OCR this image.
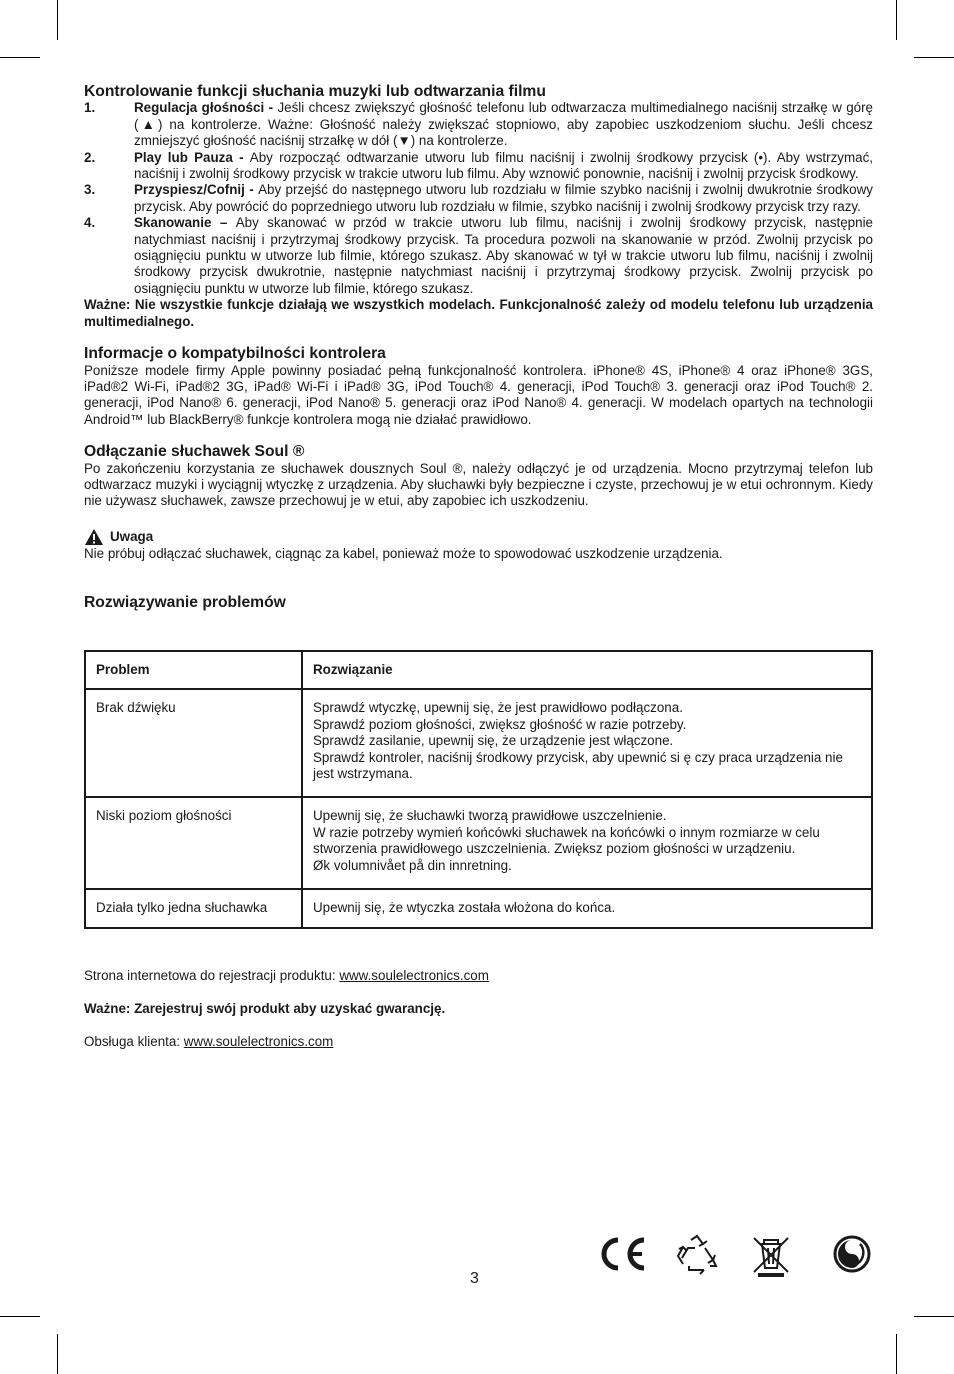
Kontrolowanie funkcji słuchania muzyki lub odtwarzania filmu
1.	Regulacja głośności - Jeśli chcesz zwiększyć głośność telefonu lub odtwarzacza multimedialnego naciśnij strzałkę w górę (▲) na kontrolerze. Ważne: Głośność należy zwiększać stopniowo, aby zapobiec uszkodzeniom słuchu. Jeśli chcesz zmniejszyć głośność naciśnij strzałkę w dół (▼) na kontrolerze.
2.	Play lub Pauza - Aby rozpocząć odtwarzanie utworu lub filmu naciśnij i zwolnij środkowy przycisk (•). Aby wstrzymać, naciśnij i zwolnij środkowy przycisk w trakcie utworu lub filmu. Aby wznowić ponownie, naciśnij i zwolnij przycisk środkowy.
3.	Przyspiesz/Cofnij - Aby przejść do następnego utworu lub rozdziału w filmie szybko naciśnij i zwolnij dwukrotnie środkowy przycisk. Aby powrócić do poprzedniego utworu lub rozdziału w filmie, szybko naciśnij i zwolnij środkowy przycisk trzy razy.
4.	Skanowanie – Aby skanować w przód w trakcie utworu lub filmu, naciśnij i zwolnij środkowy przycisk, następnie natychmiast naciśnij i przytrzymaj środkowy przycisk. Ta procedura pozwoli na skanowanie w przód. Zwolnij przycisk po osiągnięciu punktu w utworze lub filmie, którego szukasz. Aby skanować w tył w trakcie utworu lub filmu, naciśnij i zwolnij środkowy przycisk dwukrotnie, następnie natychmiast naciśnij i przytrzymaj środkowy przycisk. Zwolnij przycisk po osiągnięciu punktu w utworze lub filmie, którego szukasz.

Ważne: Nie wszystkie funkcje działają we wszystkich modelach. Funkcjonalność zależy od modelu telefonu lub urządzenia multimedialnego.

Informacje o kompatybilności kontrolera

Poniższe modele firmy Apple powinny posiadać pełną funkcjonalność kontrolera. iPhone® 4S, iPhone® 4 oraz iPhone® 3GS, iPad®2 Wi-Fi, iPad®2 3G, iPad® Wi-Fi i iPad® 3G, iPod Touch® 4. generacji, iPod Touch® 3. generacji oraz iPod Touch® 2. generacji, iPod Nano® 6. generacji, iPod Nano® 5. generacji oraz iPod Nano® 4. generacji. W modelach opartych na technologii Android™ lub BlackBerry® funkcje kontrolera mogą nie działać prawidłowo.

Odłączanie słuchawek Soul ®

Po zakończeniu korzystania ze słuchawek dousznych Soul ®, należy odłączyć je od urządzenia. Mocno przytrzymaj telefon lub odtwarzacz muzyki i wyciągnij wtyczkę z urządzenia. Aby słuchawki były bezpieczne i czyste, przechowuj je w etui ochronnym. Kiedy nie używasz słuchawek, zawsze przechowuj je w etui, aby zapobiec ich uszkodzeniu.

Uwaga

Nie próbuj odłączać słuchawek, ciągnąc za kabel, ponieważ może to spowodować uszkodzenie urządzenia.

Rozwiązywanie problemów
Problem	Rozwiązanie
Brak dźwięku	Sprawdź wtyczkę, upewnij się, że jest prawidłowo podłączona.
Sprawdź poziom głośności, zwiększ głośność w razie potrzeby.
Sprawdź zasilanie, upewnij się, że urządzenie jest włączone.
Sprawdź kontroler, naciśnij środkowy przycisk, aby upewnić si ę czy praca urządzenia nie jest wstrzymana.

Niski poziom głośności	Upewnij się, że słuchawki tworzą prawidłowe uszczelnienie.
W razie potrzeby wymień końcówki słuchawek na końcówki o innym rozmiarze w celu stworzenia prawidłowego uszczelnienia. Zwiększ poziom głośności w urządzeniu.
Øk volumnivået på din innretning.

Działa tylko jedna słuchawka	Upewnij się, że wtyczka została włożona do końca.
Strona internetowa do rejestracji produktu: www.soulelectronics.com
Ważne: Zarejestruj swój produkt aby uzyskać gwarancję.
Obsługa klienta: www.soulelectronics.com
3
